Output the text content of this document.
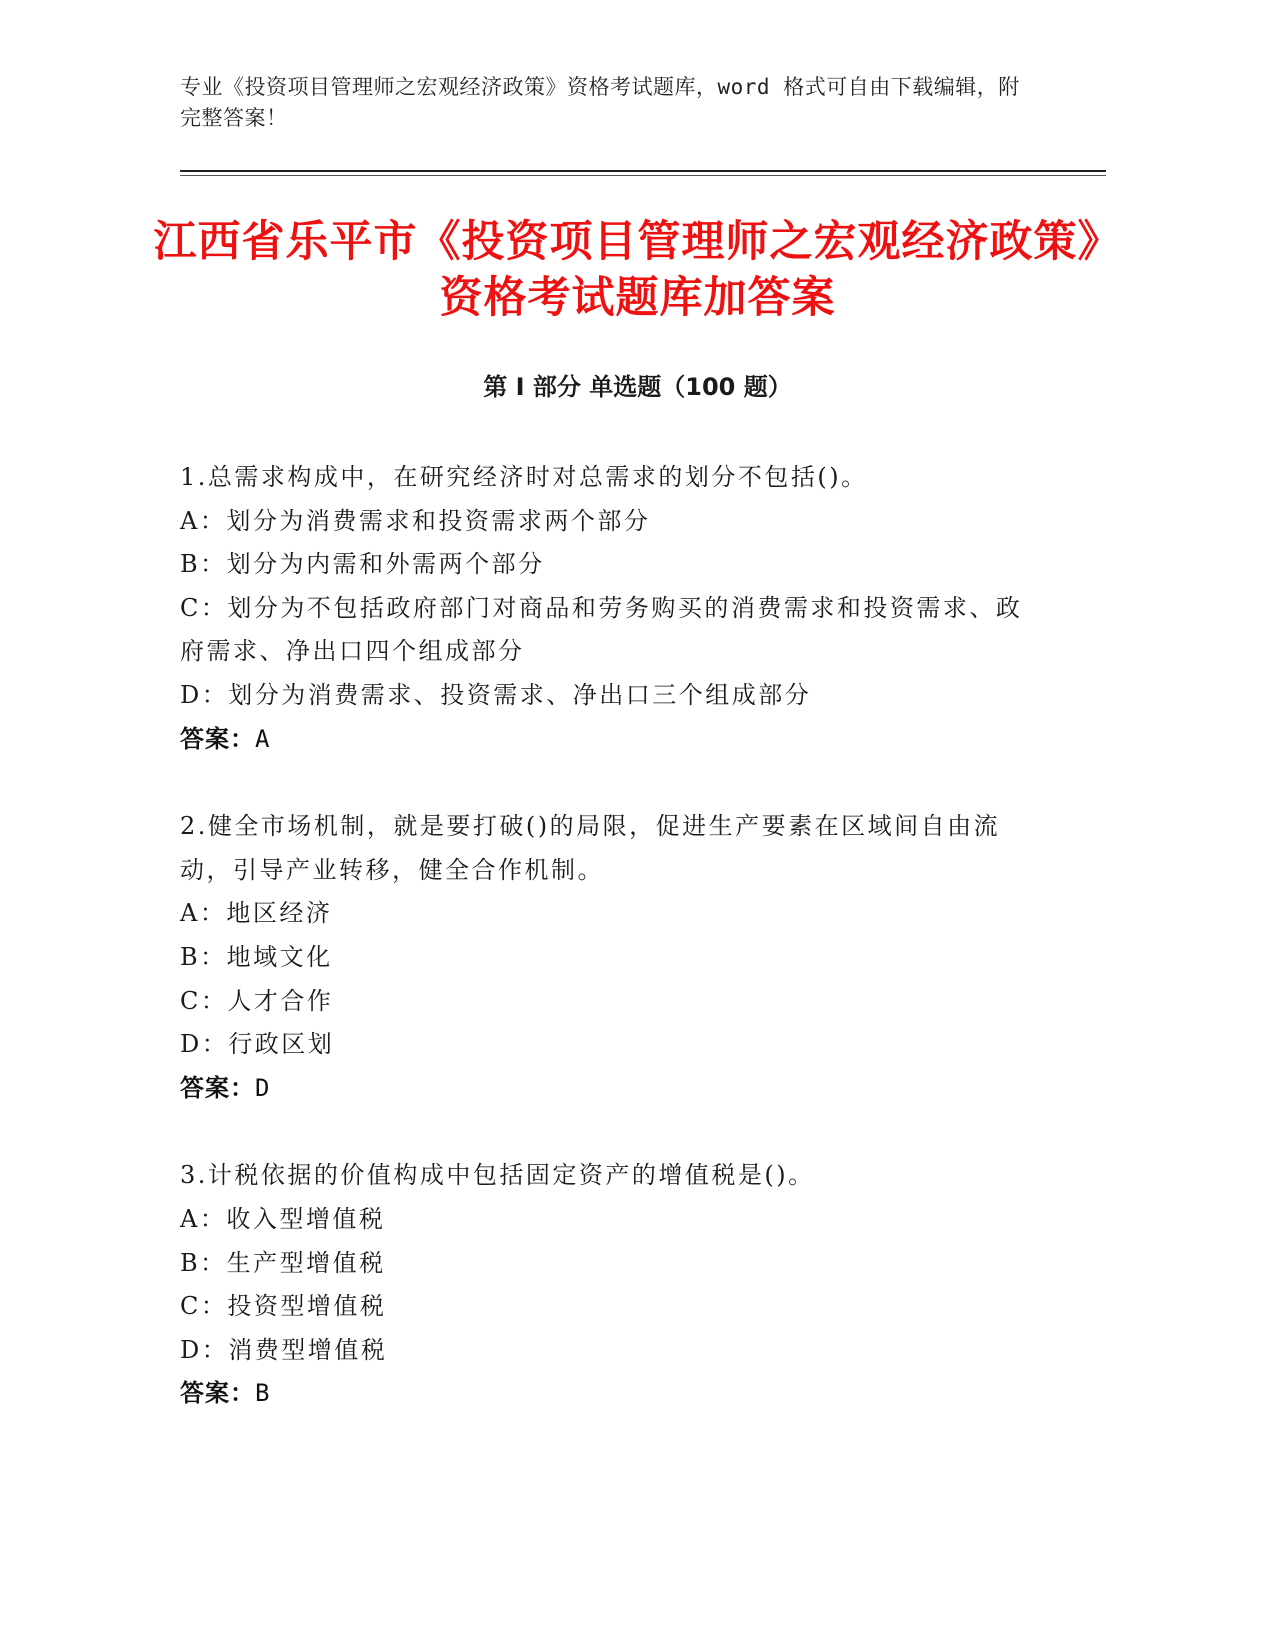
专业《投资项目管理师之宏观经济政策》资格考试题库，word 格式可自由下载编辑，附完整答案！
江西省乐平市《投资项目管理师之宏观经济政策》资格考试题库加答案
第 I 部分 单选题（100 题）
1.总需求构成中，在研究经济时对总需求的划分不包括()。
A：划分为消费需求和投资需求两个部分
B：划分为内需和外需两个部分
C：划分为不包括政府部门对商品和劳务购买的消费需求和投资需求、政府需求、净出口四个组成部分
D：划分为消费需求、投资需求、净出口三个组成部分
答案：A
2.健全市场机制，就是要打破()的局限，促进生产要素在区域间自由流动，引导产业转移，健全合作机制。
A：地区经济
B：地域文化
C：人才合作
D：行政区划
答案：D
3.计税依据的价值构成中包括固定资产的增值税是()。
A：收入型增值税
B：生产型增值税
C：投资型增值税
D：消费型增值税
答案：B
